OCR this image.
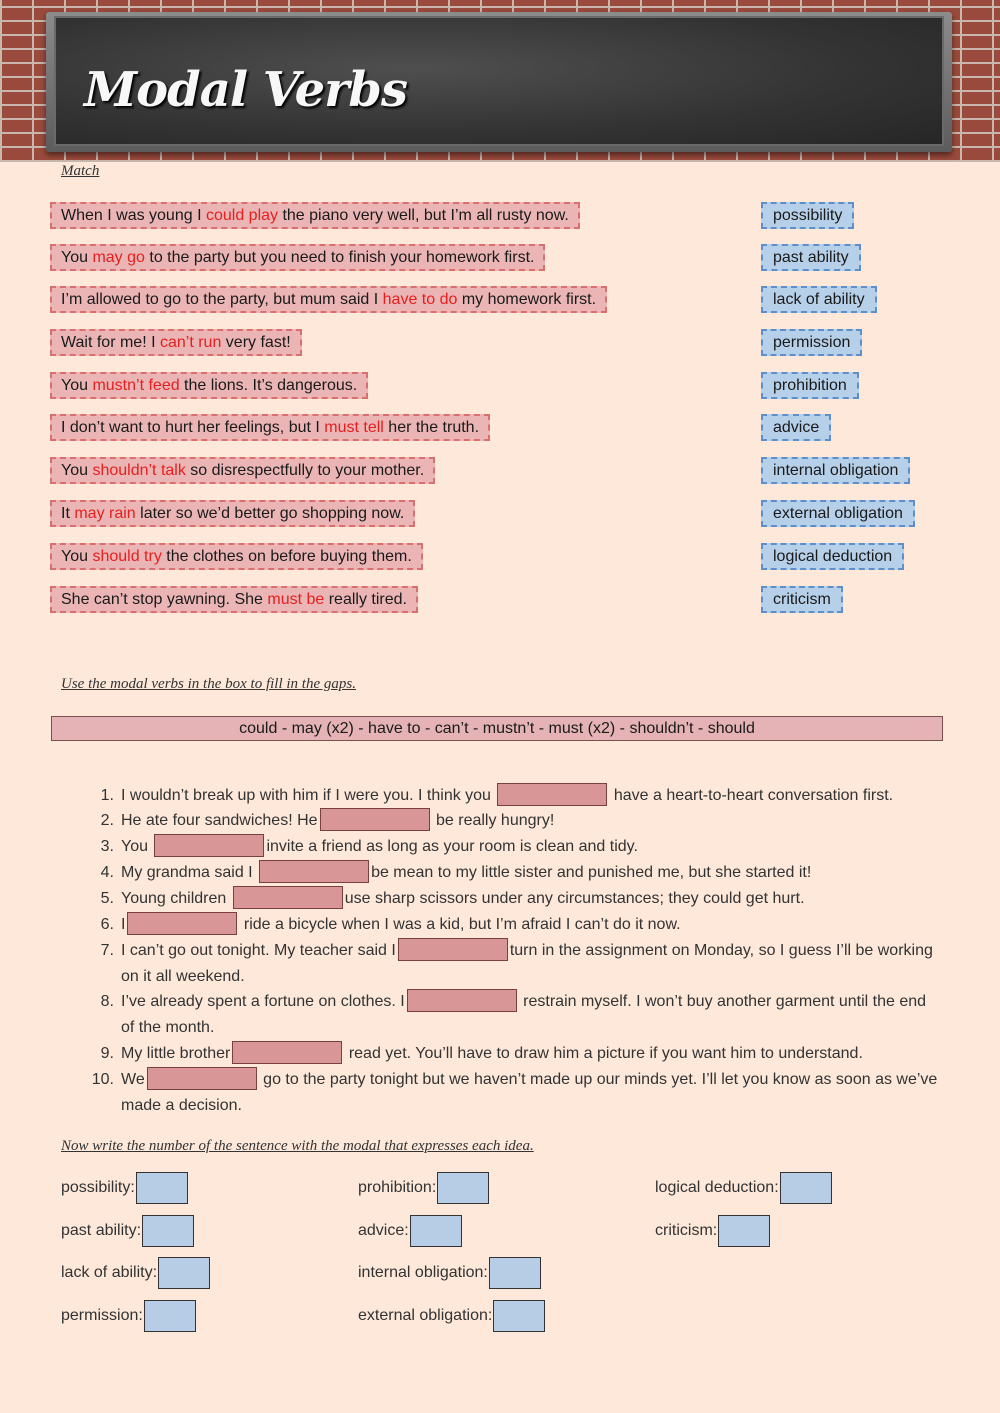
Modal Verbs
Match
When I was young I could play the piano very well, but I’m all rusty now.
You may go to the party but you need to finish your homework first.
I’m allowed to go to the party, but mum said I have to do my homework first.
Wait for me! I can’t run very fast!
You mustn’t feed the lions. It’s dangerous.
I don’t want to hurt her feelings, but I must tell her the truth.
You shouldn’t talk so disrespectfully to your mother.
It may rain later so we’d better go shopping now.
You should try the clothes on before buying them.
She can’t stop yawning. She must be really tired.
possibility
past ability
lack of ability
permission
prohibition
advice
internal obligation
external obligation
logical deduction
criticism
Use the modal verbs in the box to fill in the gaps.
could - may (x2) - have to - can’t - mustn’t - must (x2) - shouldn’t - should
1. I wouldn’t break up with him if I were you. I think you	have a heart-to-heart conversation first.
2. He ate four sandwiches! He	be really hungry!
3. You	invite a friend as long as your room is clean and tidy.
4. My grandma said I	be mean to my little sister and punished me, but she started it!
5. Young children	use sharp scissors under any circumstances; they could get hurt.
6. I	ride a bicycle when I was a kid, but I’m afraid I can’t do it now.
7. I can’t go out tonight. My teacher said I	turn in the assignment on Monday, so I guess I’ll be working on it all weekend.
8. I’ve already spent a fortune on clothes. I	restrain myself. I won’t buy another garment until the end of the month.
9. My little brother	read yet. You’ll have to draw him a picture if you want him to understand.
10. We	go to the party tonight but we haven’t made up our minds yet. I’ll let you know as soon as we’ve made a decision.
Now write the number of the sentence with the modal that expresses each idea.
possibility:
past ability:
lack of ability:
permission:
prohibition:
advice:
internal obligation:
external obligation:
logical deduction:
criticism:
